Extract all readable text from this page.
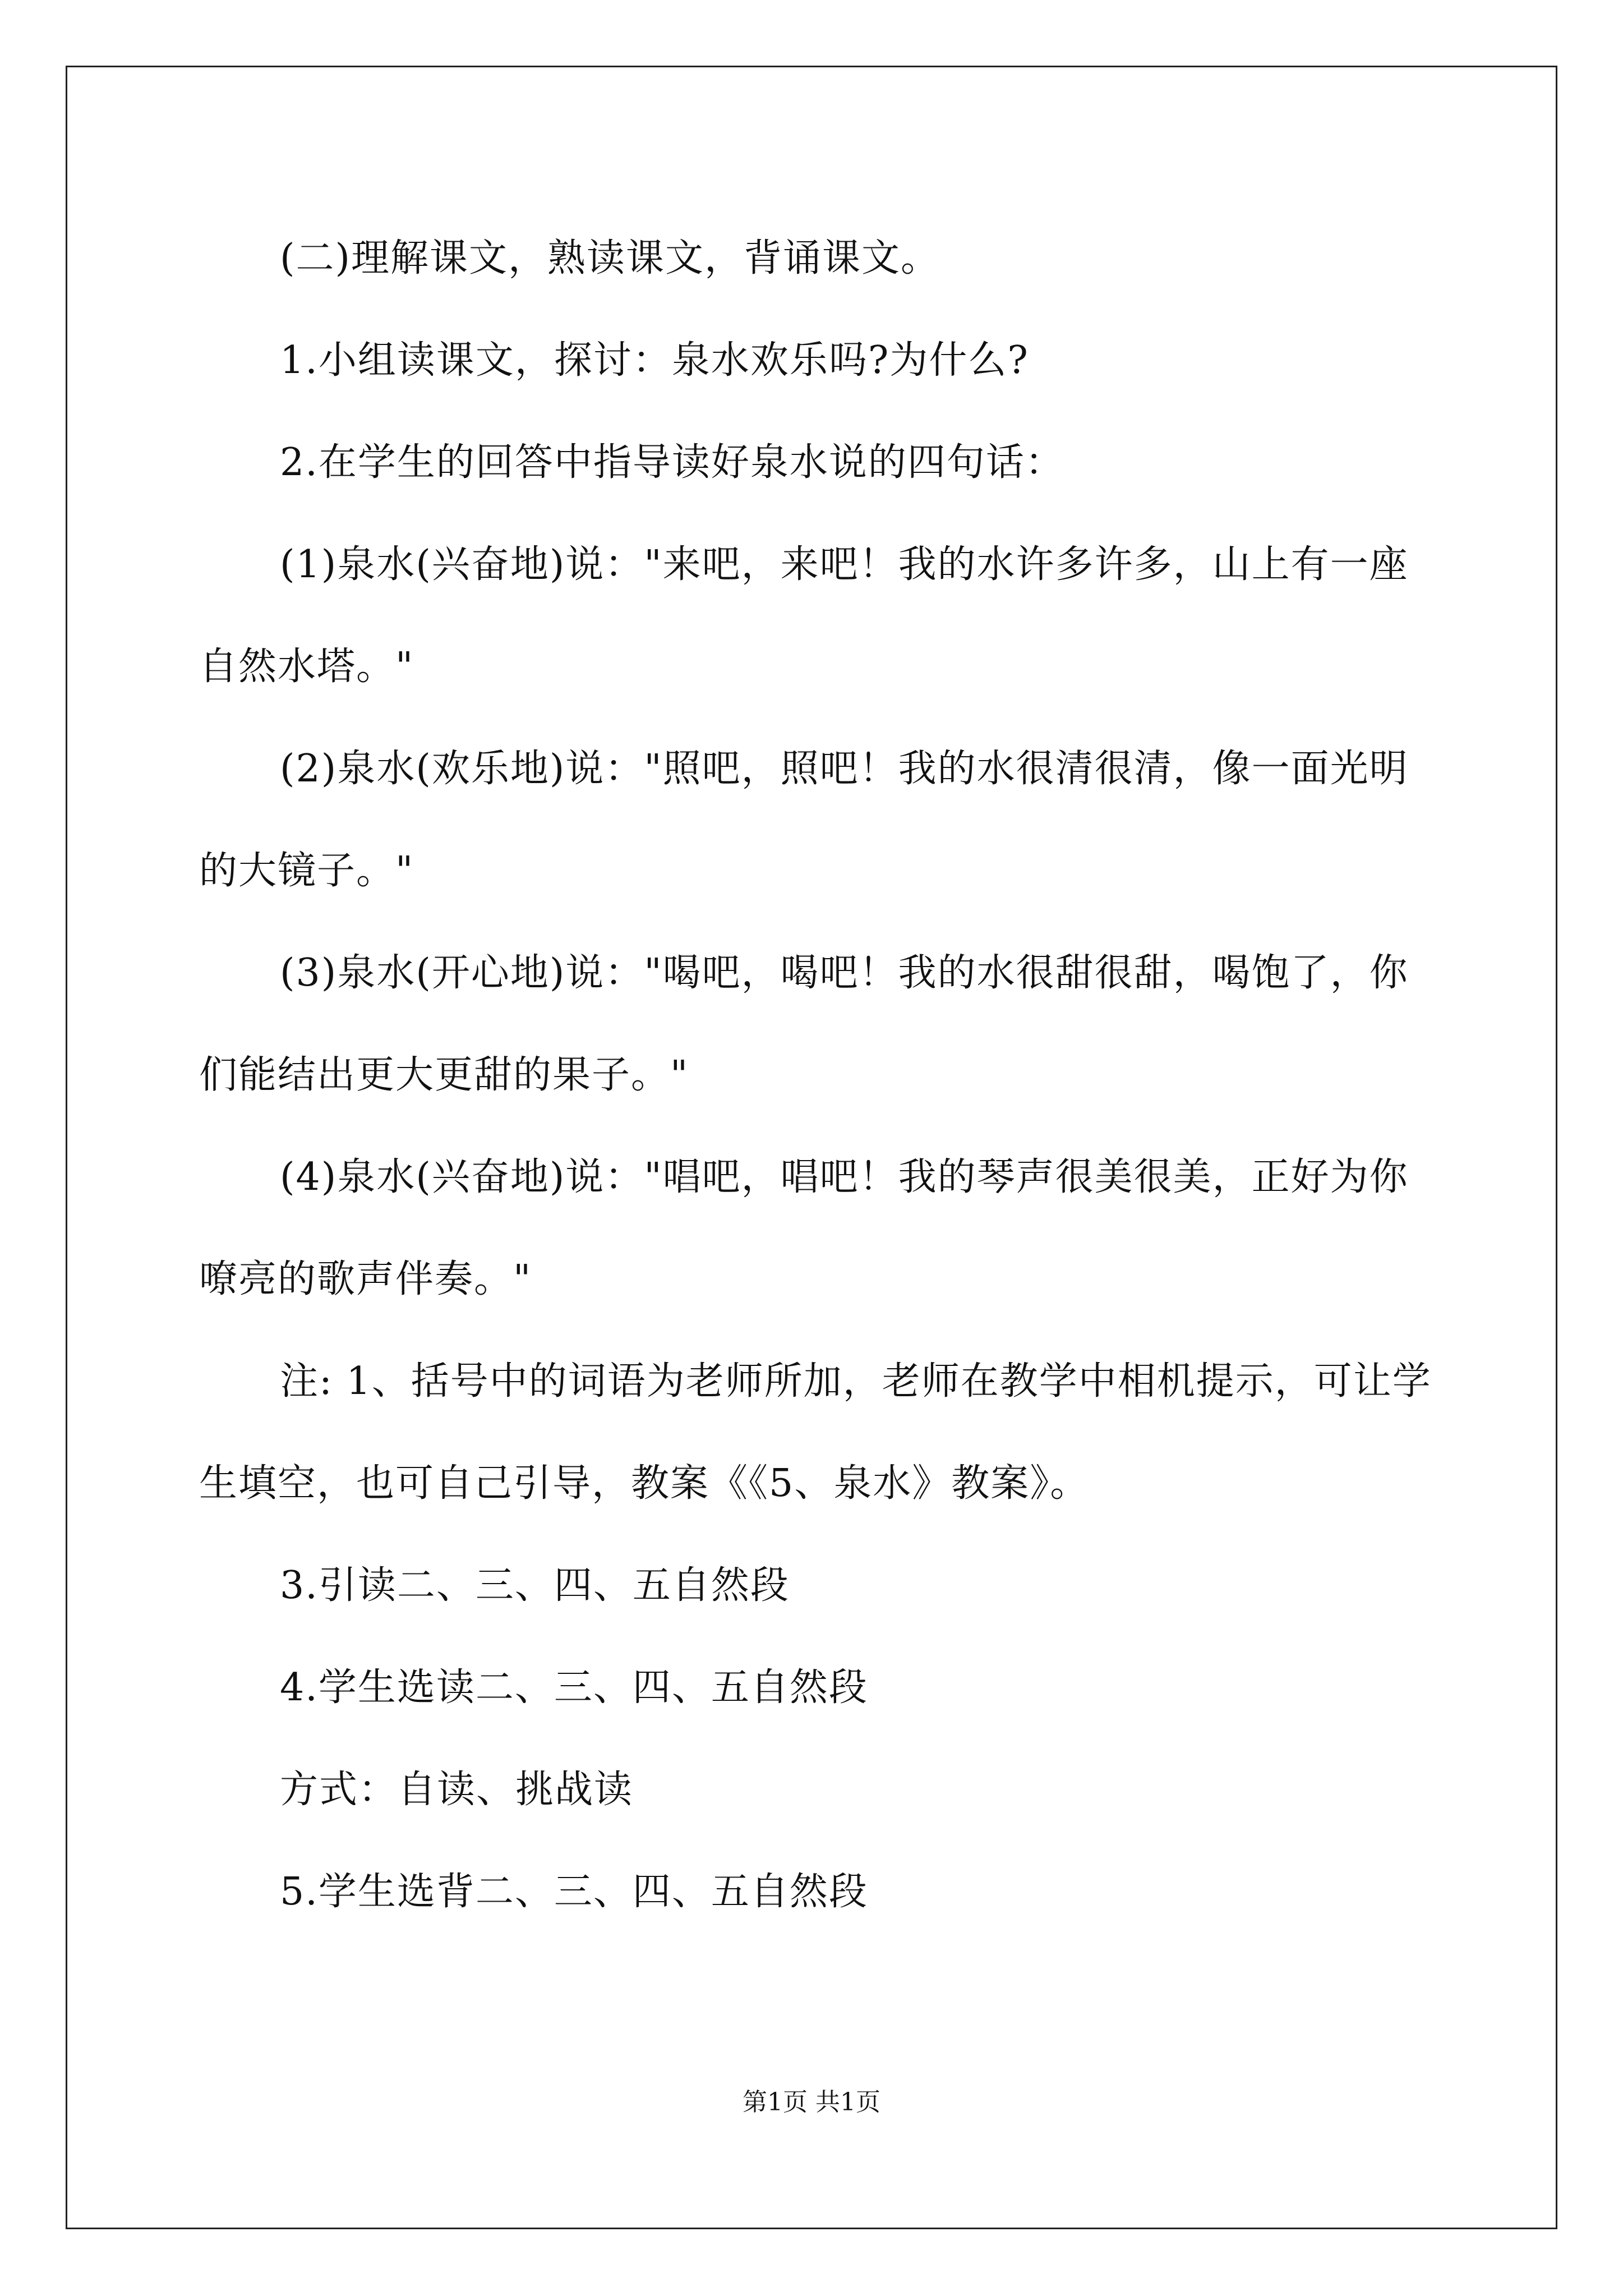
(二)理解课文，熟读课文，背诵课文。

1.小组读课文，探讨：泉水欢乐吗?为什么?

2.在学生的回答中指导读好泉水说的四句话：

(1)泉水(兴奋地)说："来吧，来吧！我的水许多许多，山上有一座自然水塔。"

(2)泉水(欢乐地)说："照吧，照吧！我的水很清很清，像一面光明的大镜子。"

(3)泉水(开心地)说："喝吧，喝吧！我的水很甜很甜，喝饱了，你们能结出更大更甜的果子。"

(4)泉水(兴奋地)说："唱吧，唱吧！我的琴声很美很美，正好为你嘹亮的歌声伴奏。"

注: 1、括号中的词语为老师所加，老师在教学中相机提示，可让学生填空，也可自己引导，教案《《5、泉水》教案》。

3.引读二、三、四、五自然段

4.学生选读二、三、四、五自然段

方式：自读、挑战读

5.学生选背二、三、四、五自然段

第1页 共1页
